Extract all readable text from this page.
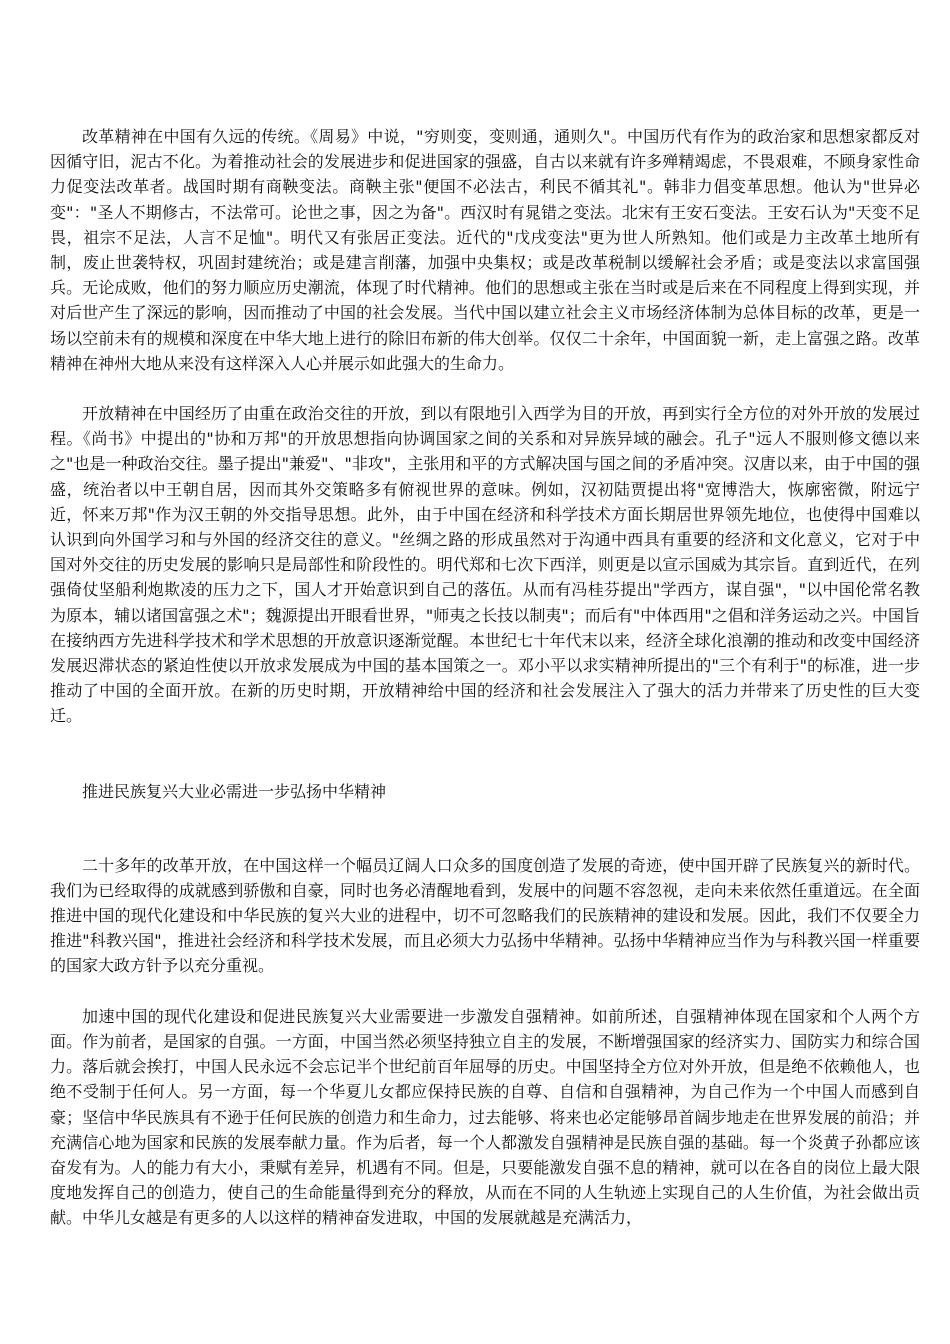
改革精神在中国有久远的传统。《周易》中说，"穷则变，变则通，通则久"。中国历代有作为的政治家和思想家都反对因循守旧，泥古不化。为着推动社会的发展进步和促进国家的强盛，自古以来就有许多殚精竭虑，不畏艰难，不顾身家性命力促变法改革者。战国时期有商鞅变法。商鞅主张"便国不必法古，利民不循其礼"。韩非力倡变革思想。他认为"世异必变"："圣人不期修古，不法常可。论世之事，因之为备"。西汉时有晁错之变法。北宋有王安石变法。王安石认为"天变不足畏，祖宗不足法，人言不足恤"。明代又有张居正变法。近代的"戊戌变法"更为世人所熟知。他们或是力主改革土地所有制，废止世袭特权，巩固封建统治；或是建言削藩，加强中央集权；或是改革税制以缓解社会矛盾；或是变法以求富国强兵。无论成败，他们的努力顺应历史潮流，体现了时代精神。他们的思想或主张在当时或是后来在不同程度上得到实现，并对后世产生了深远的影响，因而推动了中国的社会发展。当代中国以建立社会主义市场经济体制为总体目标的改革，更是一场以空前未有的规模和深度在中华大地上进行的除旧布新的伟大创举。仅仅二十余年，中国面貌一新，走上富强之路。改革精神在神州大地从来没有这样深入人心并展示如此强大的生命力。

开放精神在中国经历了由重在政治交往的开放，到以有限地引入西学为目的开放，再到实行全方位的对外开放的发展过程。《尚书》中提出的"协和万邦"的开放思想指向协调国家之间的关系和对异族异域的融会。孔子"远人不服则修文德以来之"也是一种政治交往。墨子提出"兼爱"、"非攻"，主张用和平的方式解决国与国之间的矛盾冲突。汉唐以来，由于中国的强盛，统治者以中王朝自居，因而其外交策略多有俯视世界的意味。例如，汉初陆贾提出将"宽博浩大，恢廓密微，附远宁近，怀来万邦"作为汉王朝的外交指导思想。此外，由于中国在经济和科学技术方面长期居世界领先地位，也使得中国难以认识到向外国学习和与外国的经济交往的意义。"丝绸之路的形成虽然对于沟通中西具有重要的经济和文化意义，它对于中国对外交往的历史发展的影响只是局部性和阶段性的。明代郑和七次下西洋，则更是以宣示国威为其宗旨。直到近代，在列强倚仗坚船利炮欺凌的压力之下，国人才开始意识到自己的落伍。从而有冯桂芬提出"学西方，谋自强"，"以中国伦常名教为原本，辅以诸国富强之术"；魏源提出开眼看世界，"师夷之长技以制夷"；而后有"中体西用"之倡和洋务运动之兴。中国旨在接纳西方先进科学技术和学术思想的开放意识逐渐觉醒。本世纪七十年代末以来，经济全球化浪潮的推动和改变中国经济发展迟滞状态的紧迫性使以开放求发展成为中国的基本国策之一。邓小平以求实精神所提出的"三个有利于"的标准，进一步推动了中国的全面开放。在新的历史时期，开放精神给中国的经济和社会发展注入了强大的活力并带来了历史性的巨大变迁。

推进民族复兴大业必需进一步弘扬中华精神

二十多年的改革开放，在中国这样一个幅员辽阔人口众多的国度创造了发展的奇迹，使中国开辟了民族复兴的新时代。我们为已经取得的成就感到骄傲和自豪，同时也务必清醒地看到，发展中的问题不容忽视，走向未来依然任重道远。在全面推进中国的现代化建设和中华民族的复兴大业的进程中，切不可忽略我们的民族精神的建设和发展。因此，我们不仅要全力推进"科教兴国"，推进社会经济和科学技术发展，而且必须大力弘扬中华精神。弘扬中华精神应当作为与科教兴国一样重要的国家大政方针予以充分重视。

加速中国的现代化建设和促进民族复兴大业需要进一步激发自强精神。如前所述，自强精神体现在国家和个人两个方面。作为前者，是国家的自强。一方面，中国当然必须坚持独立自主的发展，不断增强国家的经济实力、国防实力和综合国力。落后就会挨打，中国人民永远不会忘记半个世纪前百年屈辱的历史。中国坚持全方位对外开放，但是绝不依赖他人，也绝不受制于任何人。另一方面，每一个华夏儿女都应保持民族的自尊、自信和自强精神，为自己作为一个中国人而感到自豪；坚信中华民族具有不逊于任何民族的创造力和生命力，过去能够、将来也必定能够昂首阔步地走在世界发展的前沿；并充满信心地为国家和民族的发展奉献力量。作为后者，每一个人都激发自强精神是民族自强的基础。每一个炎黄子孙都应该奋发有为。人的能力有大小，秉赋有差异，机遇有不同。但是，只要能激发自强不息的精神，就可以在各自的岗位上最大限度地发挥自己的创造力，使自己的生命能量得到充分的释放，从而在不同的人生轨迹上实现自己的人生价值，为社会做出贡献。中华儿女越是有更多的人以这样的精神奋发进取，中国的发展就越是充满活力，
